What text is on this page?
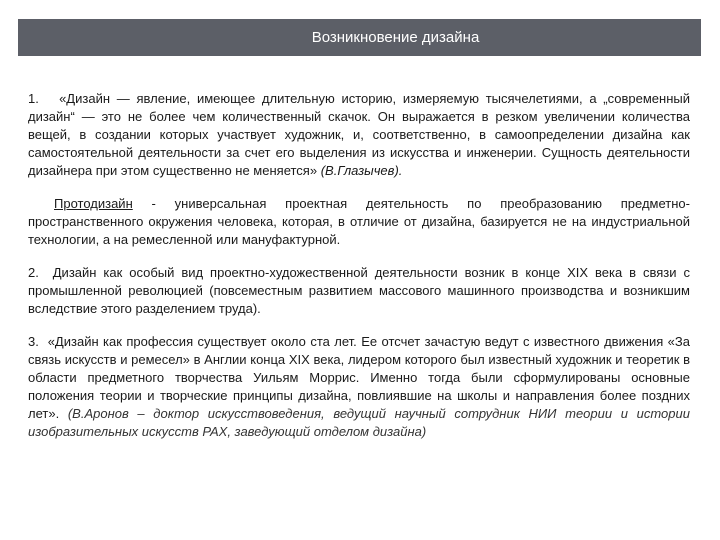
Возникновение дизайна

1. «Дизайн — явление, имеющее длительную историю, измеряемую тысячелетиями, а „современный дизайн“ — это не более чем количественный скачок. Он выражается в резком увеличении количества вещей, в создании которых участвует художник, и, соответственно, в самоопределении дизайна как самостоятельной деятельности за счет его выделения из искусства и инженерии. Сущность деятельности дизайнера при этом существенно не меняется» (В.Глазычев).

Протодизайн - универсальная проектная деятельность по преобразованию предметно-пространственного окружения человека, которая, в отличие от дизайна, базируется не на индустриальной технологии, а на ремесленной или мануфактурной.

2. Дизайн как особый вид проектно-художественной деятельности возник в конце XIX века в связи с промышленной революцией (повсеместным развитием массового машинного производства и возникшим вследствие этого разделением труда).

3. «Дизайн как профессия существует около ста лет. Ее отсчет зачастую ведут с известного движения «За связь искусств и ремесел» в Англии конца XIX века, лидером которого был известный художник и теоретик в области предметного творчества Уильям Моррис. Именно тогда были сформулированы основные положения теории и творческие принципы дизайна, повлиявшие на школы и направления более поздних лет». (В.Аронов – доктор искусствоведения, ведущий научный сотрудник НИИ теории и истории изобразительных искусств РАХ, заведующий отделом дизайна)
